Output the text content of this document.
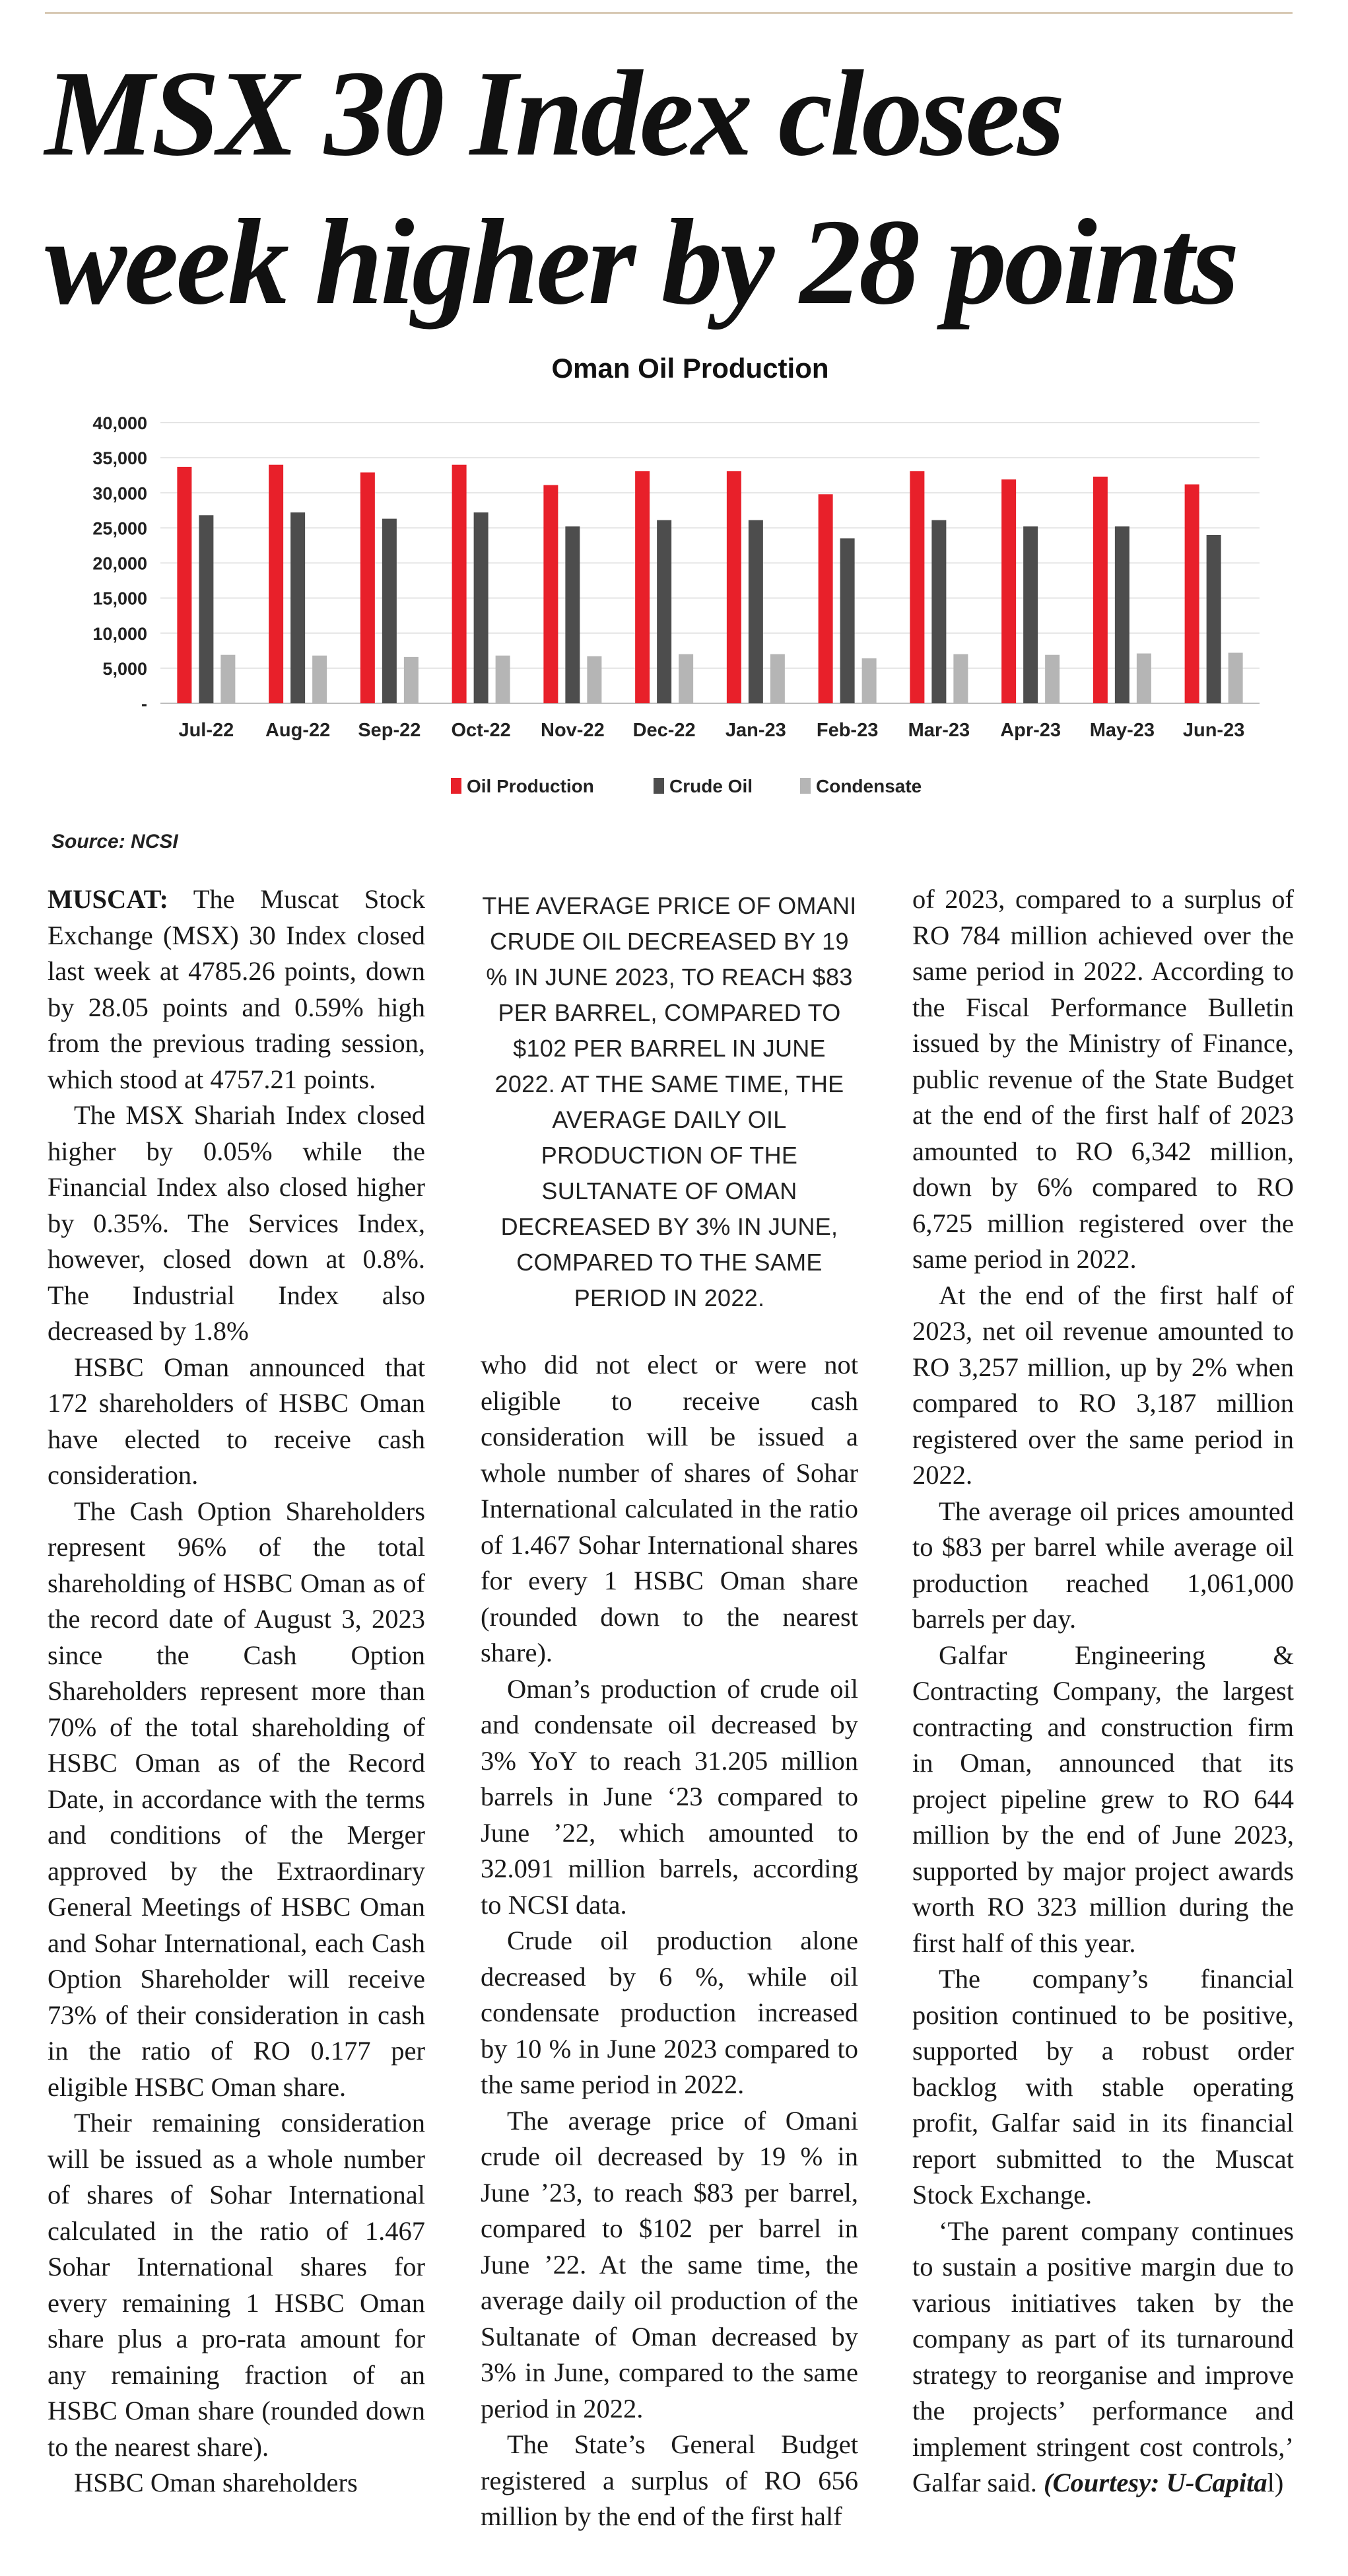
MSX 30 Index closes week higher by 28 points
Oman Oil Production
-
5,000
10,000
15,000
20,000
25,000
30,000
35,000
40,000
Jul-22 Aug-22 Sep-22 Oct-22 Nov-22 Dec-22 Jan-23 Feb-23 Mar-23 Apr-23 May-23 Jun-23
Oil Production	Crude Oil	Condensate
Source: NCSI

MUSCAT: The Muscat Stock Exchange (MSX) 30 Index closed last week at 4785.26 points, down by 28.05 points and 0.59% high from the previous trading session, which stood at 4757.21 points.

The MSX Shariah Index closed higher by 0.05% while the Financial Index also closed higher by 0.35%. The Services Index, however, closed down at 0.8%. The Industrial Index also decreased by 1.8%

HSBC Oman announced that 172 shareholders of HSBC Oman have elected to receive cash consideration.

The Cash Option Shareholders represent 96% of the total shareholding of HSBC Oman as of the record date of August 3, 2023 since the Cash Option Shareholders represent more than 70% of the total shareholding of HSBC Oman as of the Record Date, in accordance with the terms and conditions of the Merger approved by the Extraordinary General Meetings of HSBC Oman and Sohar International, each Cash Option Shareholder will receive 73% of their consideration in cash in the ratio of RO 0.177 per eligible HSBC Oman share.

Their remaining consideration will be issued as a whole number of shares of Sohar International calculated in the ratio of 1.467 Sohar International shares for every remaining 1 HSBC Oman share plus a pro-rata amount for any remaining fraction of an HSBC Oman share (rounded down to the nearest share).

HSBC Oman shareholders

THE AVERAGE PRICE OF OMANI CRUDE OIL DECREASED BY 19 % IN JUNE 2023, TO REACH $83 PER BARREL, COMPARED TO $102 PER BARREL IN JUNE 2022. AT THE SAME TIME, THE AVERAGE DAILY OIL PRODUCTION OF THE SULTANATE OF OMAN DECREASED BY 3% IN JUNE, COMPARED TO THE SAME PERIOD IN 2022.

who did not elect or were not eligible to receive cash consideration will be issued a whole number of shares of Sohar International calculated in the ratio of 1.467 Sohar International shares for every 1 HSBC Oman share (rounded down to the nearest share).

Oman’s production of crude oil and condensate oil decreased by 3% YoY to reach 31.205 million barrels in June ‘23 compared to June ’22, which amounted to 32.091 million barrels, according to NCSI data.

Crude oil production alone decreased by 6 %, while oil condensate production increased by 10 % in June 2023 compared to the same period in 2022.

The average price of Omani crude oil decreased by 19 % in June ’23, to reach $83 per barrel, compared to $102 per barrel in June ’22. At the same time, the average daily oil production of the Sultanate of Oman decreased by 3% in June, compared to the same period in 2022.

The State’s General Budget registered a surplus of RO 656 million by the end of the first half

of 2023, compared to a surplus of RO 784 million achieved over the same period in 2022. According to the Fiscal Performance Bulletin issued by the Ministry of Finance, public revenue of the State Budget at the end of the first half of 2023 amounted to RO 6,342 million, down by 6% compared to RO 6,725 million registered over the same period in 2022.

At the end of the first half of 2023, net oil revenue amounted to RO 3,257 million, up by 2% when compared to RO 3,187 million registered over the same period in 2022.

The average oil prices amounted to $83 per barrel while average oil production reached 1,061,000 barrels per day.

Galfar Engineering & Contracting Company, the largest contracting and construction firm in Oman, announced that its project pipeline grew to RO 644 million by the end of June 2023, supported by major project awards worth RO 323 million during the first half of this year.

The company’s financial position continued to be positive, supported by a robust order backlog with stable operating profit, Galfar said in its financial report submitted to the Muscat Stock Exchange.

‘The parent company continues to sustain a positive margin due to various initiatives taken by the company as part of its turnaround strategy to reorganise and improve the projects’ performance and implement stringent cost controls,’ Galfar said. (Courtesy: U-Capital)
